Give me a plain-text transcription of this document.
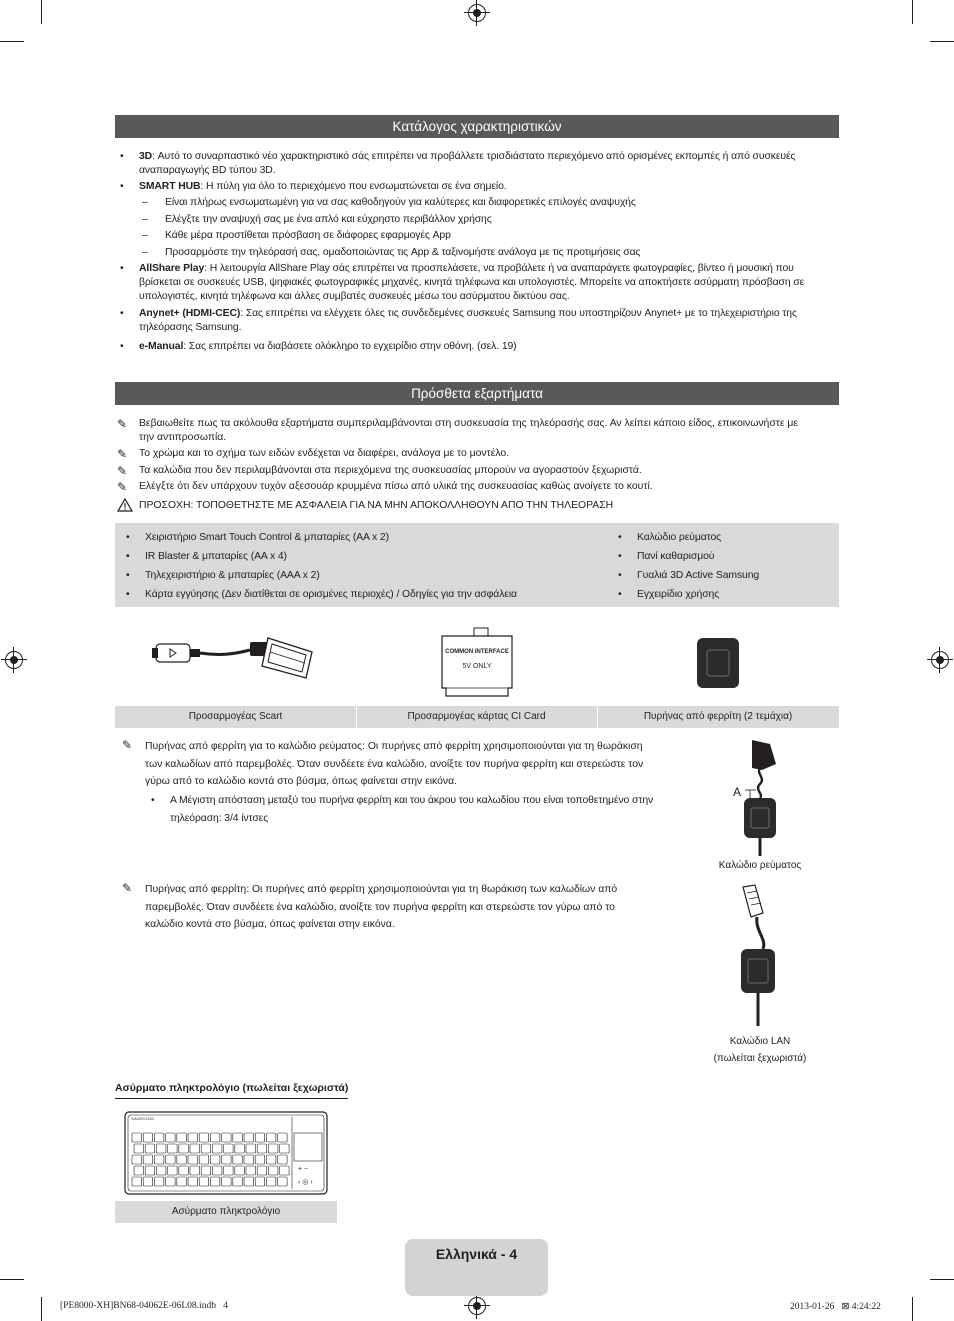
Κατάλογος χαρακτηριστικών
• 3D: Αυτό το συναρπαστικό νέο χαρακτηριστικό σάς επιτρέπει να προβάλλετε τρισδιάστατο περιεχόμενο από ορισμένες εκπομπές ή από συσκευές
αναπαραγωγής BD τύπου 3D.
• SMART HUB: Η πύλη για όλο το περιεχόμενο που ενσωματώνεται σε ένα σημείο.
– Είναι πλήρως ενσωματωμένη για να σας καθοδηγούν για καλύτερες και διαφορετικές επιλογές αναψυχής
– Ελέγξτε την αναψυχή σας με ένα απλό και εύχρηστο περιβάλλον χρήσης
– Κάθε μέρα προστίθεται πρόσβαση σε διάφορες εφαρμογές App
– Προσαρμόστε την τηλεόρασή σας, ομαδοποιώντας τις App & ταξινομήστε ανάλογα με τις προτιμήσεις σας
• AllShare Play: Η λειτουργία AllShare Play σάς επιτρέπει να προσπελάσετε, να προβάλετε ή να αναπαράγετε φωτογραφίες, βίντεο ή μουσική που
βρίσκεται σε συσκευές USB, ψηφιακές φωτογραφικές μηχανές, κινητά τηλέφωνα και υπολογιστές. Μπορείτε να αποκτήσετε ασύρματη πρόσβαση σε
υπολογιστές, κινητά τηλέφωνα και άλλες συμβατές συσκευές μέσω του ασύρματου δικτύου σας.
• Anynet+ (HDMI-CEC): Σας επιτρέπει να ελέγχετε όλες τις συνδεδεμένες συσκευές Samsung που υποστηρίζουν Anynet+ με το τηλεχειριστήριο της
τηλεόρασης Samsung.
• e-Manual: Σας επιτρέπει να διαβάσετε ολόκληρο το εγχειρίδιο στην οθόνη. (σελ. 19)
Πρόσθετα εξαρτήματα
✎ Βεβαιωθείτε πως τα ακόλουθα εξαρτήματα συμπεριλαμβάνονται στη συσκευασία της τηλεόρασής σας. Αν λείπει κάποιο είδος, επικοινωνήστε με
την αντιπροσωπία.
✎ Το χρώμα και το σχήμα των ειδών ενδέχεται να διαφέρει, ανάλογα με το μοντέλο.
✎ Τα καλώδια που δεν περιλαμβάνονται στα περιεχόμενα της συσκευασίας μπορούν να αγοραστούν ξεχωριστά.
✎ Ελέγξτε ότι δεν υπάρχουν τυχόν αξεσουάρ κρυμμένα πίσω από υλικά της συσκευασίας καθώς ανοίγετε το κουτί.
ΠΡΟΣΟΧΗ: ΤΟΠΟΘΕΤΗΣΤΕ ΜΕ ΑΣΦΑΛΕΙΑ ΓΙΑ ΝΑ ΜΗΝ ΑΠΟΚΟΛΛΗΘΟΥΝ ΑΠΟ ΤΗΝ ΤΗΛΕΟΡΑΣΗ
• Χειριστήριο Smart Touch Control & μπαταρίες (AA x 2)
• IR Blaster & μπαταρίες (AA x 4)
• Τηλεχειριστήριο & μπαταρίες (AAA x 2)
• Κάρτα εγγύησης (Δεν διατίθεται σε ορισμένες περιοχές) / Οδηγίες για την ασφάλεια
• Καλώδιο ρεύματος
• Πανί καθαρισμού
• Γυαλιά 3D Active Samsung
• Εγχειρίδιο χρήσης
COMMON INTERFACE
5V ONLY
Προσαρμογέας Scart	Προσαρμογέας κάρτας CI Card	Πυρήνας από φερρίτη (2 τεμάχια)
✎ Πυρήνας από φερρίτη για το καλώδιο ρεύματος: Οι πυρήνες από φερρίτη χρησιμοποιούνται για τη θωράκιση
των καλωδίων από παρεμβολές. Όταν συνδέετε ένα καλώδιο, ανοίξτε τον πυρήνα φερρίτη και στερεώστε τον
γύρω από το καλώδιο κοντά στο βύσμα, όπως φαίνεται στην εικόνα.
• Α Μέγιστη απόσταση μεταξύ του πυρήνα φερρίτη και του άκρου του καλωδίου που είναι τοποθετημένο στην
τηλεόραση: 3/4 ίντσες
A
Καλώδιο ρεύματος
✎ Πυρήνας από φερρίτη: Οι πυρήνες από φερρίτη χρησιμοποιούνται για τη θωράκιση των καλωδίων από
παρεμβολές. Όταν συνδέετε ένα καλώδιο, ανοίξτε τον πυρήνα φερρίτη και στερεώστε τον γύρω από το
καλώδιο κοντά στο βύσμα, όπως φαίνεται στην εικόνα.
Καλώδιο LAN
(πωλείται ξεχωριστά)
Ασύρματο πληκτρολόγιο (πωλείται ξεχωριστά)
+ −
‹ ◎ ›
SAMSUNG
Ασύρματο πληκτρολόγιο
Ελληνικά - 4
[PE8000-XH]BN68-04062E-06L08.indb   4	2013-01-26   ⊠ 4:24:22
